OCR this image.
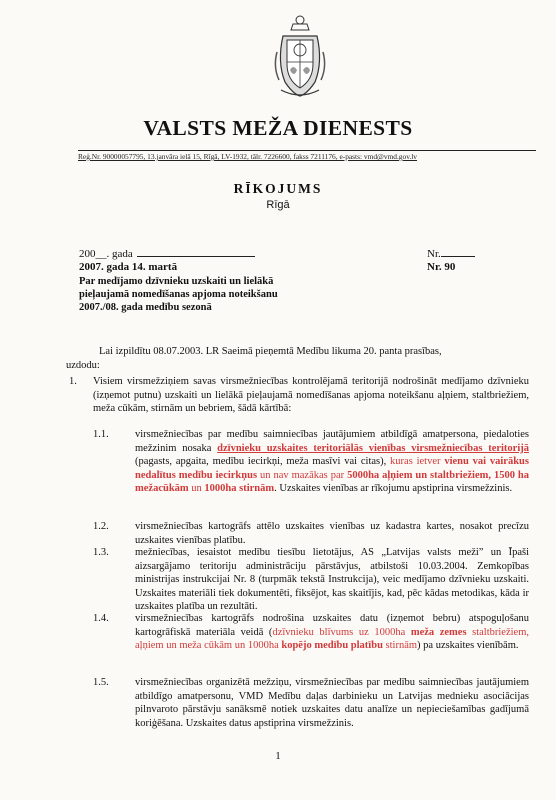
VALSTS MEŽA DIENESTS
Reģ.Nr. 90000057795, 13.janvāra ielā 15, Rīgā, LV-1932, tālr. 7226600, fakss 7211176, e-pasts: vmd@vmd.gov.lv
RĪKOJUMS
Rīgā
200__. gada	Nr.
2007. gada 14. martā	Nr. 90
Par medījamo dzīvnieku uzskaiti un lielākā
pieļaujamā nomedīšanas apjoma noteikšanu
2007./08. gada medību sezonā

Lai izpildītu 08.07.2003. LR Saeimā pieņemtā Medību likuma 20. panta prasības,

uzdodu:

1. Visiem virsmežziņiem savas virsmežniecības kontrolējamā teritorijā nodrošināt medījamo dzīvnieku (izņemot putnu) uzskaiti un lielākā pieļaujamā nomedīšanas apjoma noteikšanu aļņiem, staltbriežiem, meža cūkām, stirnām un bebriem, šādā kārtībā:
1.1.	virsmežniecības par medību saimniecības jautājumiem atbildīgā amatpersona, piedaloties mežzinim nosaka dzīvnieku uzskaites teritoriālās vienības virsmežniecības teritorijā (pagasts, apgaita, medību iecirkņi, meža masīvi vai citas), kuras ietver vienu vai vairākus nedalītus medību iecirkņus un nav mazākas par 5000ha aļņiem un staltbriežiem, 1500 ha mežacūkām un 1000ha stirnām. Uzskaites vienības ar rīkojumu apstiprina virsmežzinis.
1.2.	virsmežniecības kartogrāfs attēlo uzskaites vienības uz kadastra kartes, nosakot precīzu uzskaites vienības platību.
1.3.	mežniecības, iesaistot medību tiesību lietotājus, AS „Latvijas valsts meži” un Īpaši aizsargājamo teritoriju administrāciju pārstāvjus, atbilstoši 10.03.2004. Zemkopības ministrijas instrukcijai Nr. 8 (turpmāk tekstā Instrukcija), veic medījamo dzīvnieku uzskaiti. Uzskaites materiāli tiek dokumentēti, fiksējot, kas skaitījis, kad, pēc kādas metodikas, kāda ir uzskaites platība un rezultāti.
1.4.	virsmežniecības kartogrāfs nodrošina uzskaites datu (izņemot bebru) atspoguļošanu kartogrāfiskā materiāla veidā (dzīvnieku blīvums uz 1000ha meža zemes staltbriežiem, aļņiem un meža cūkām un 1000ha kopējo medību platību stirnām) pa uzskaites vienībām.
1.5.	virsmežniecības organizētā mežziņu, virsmežniecības par medību saimniecības jautājumiem atbildīgo amatpersonu, VMD Medību daļas darbinieku un Latvijas mednieku asociācijas pilnvaroto pārstāvju sanāksmē notiek uzskaites datu analīze un nepieciešamības gadījumā koriģēšana. Uzskaites datus apstiprina virsmežzinis.
1
